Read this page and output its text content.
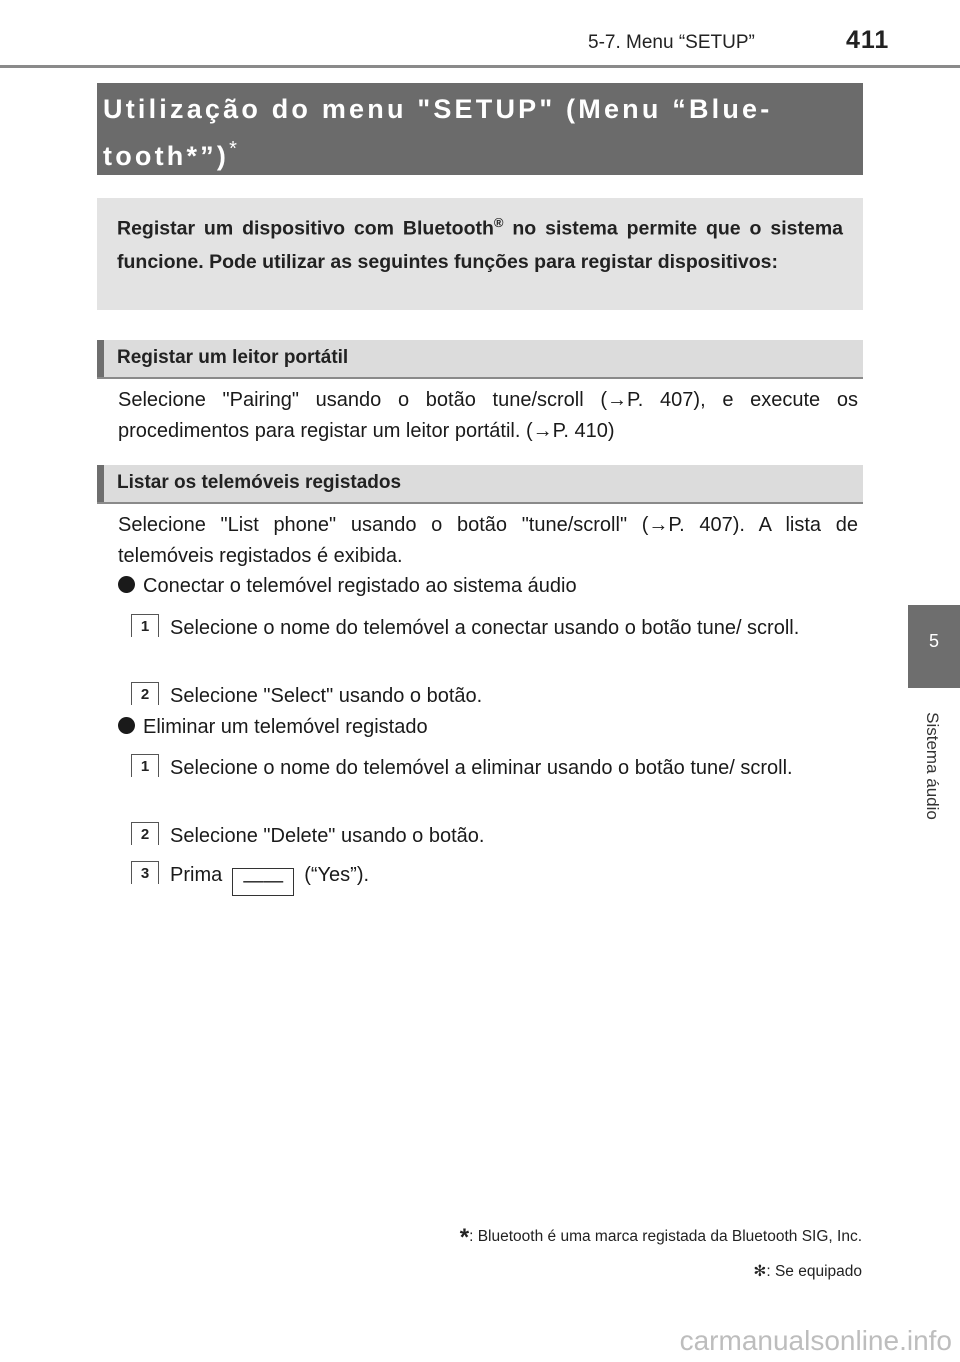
5-7. Menu “SETUP”	411
5
Sistema áudio
Utilização do menu "SETUP" (Menu “Blue-
tooth*”)*

Registar um dispositivo com Bluetooth® no sistema permite que o sistema funcione. Pode utilizar as seguintes funções para registar dispositivos:

Registar um leitor portátil

Selecione "Pairing" usando o botão tune/scroll (→P. 407), e execute os procedimentos para registar um leitor portátil. (→P. 410)

Listar os telemóveis registados

Selecione "List phone" usando o botão "tune/scroll" (→P. 407). A lista de telemóveis registados é exibida.

Conectar o telemóvel registado ao sistema áudio
1	Selecione o nome do telemóvel a conectar usando o botão tune/ scroll.

2	Selecione "Select" usando o botão.

Eliminar um telemóvel registado
1	Selecione o nome do telemóvel a eliminar usando o botão tune/ scroll.

2	Selecione "Delete" usando o botão.

3	Prima —— (“Yes”).

*: Bluetooth é uma marca registada da Bluetooth SIG, Inc.
✻: Se equipado
carmanualsonline.info
